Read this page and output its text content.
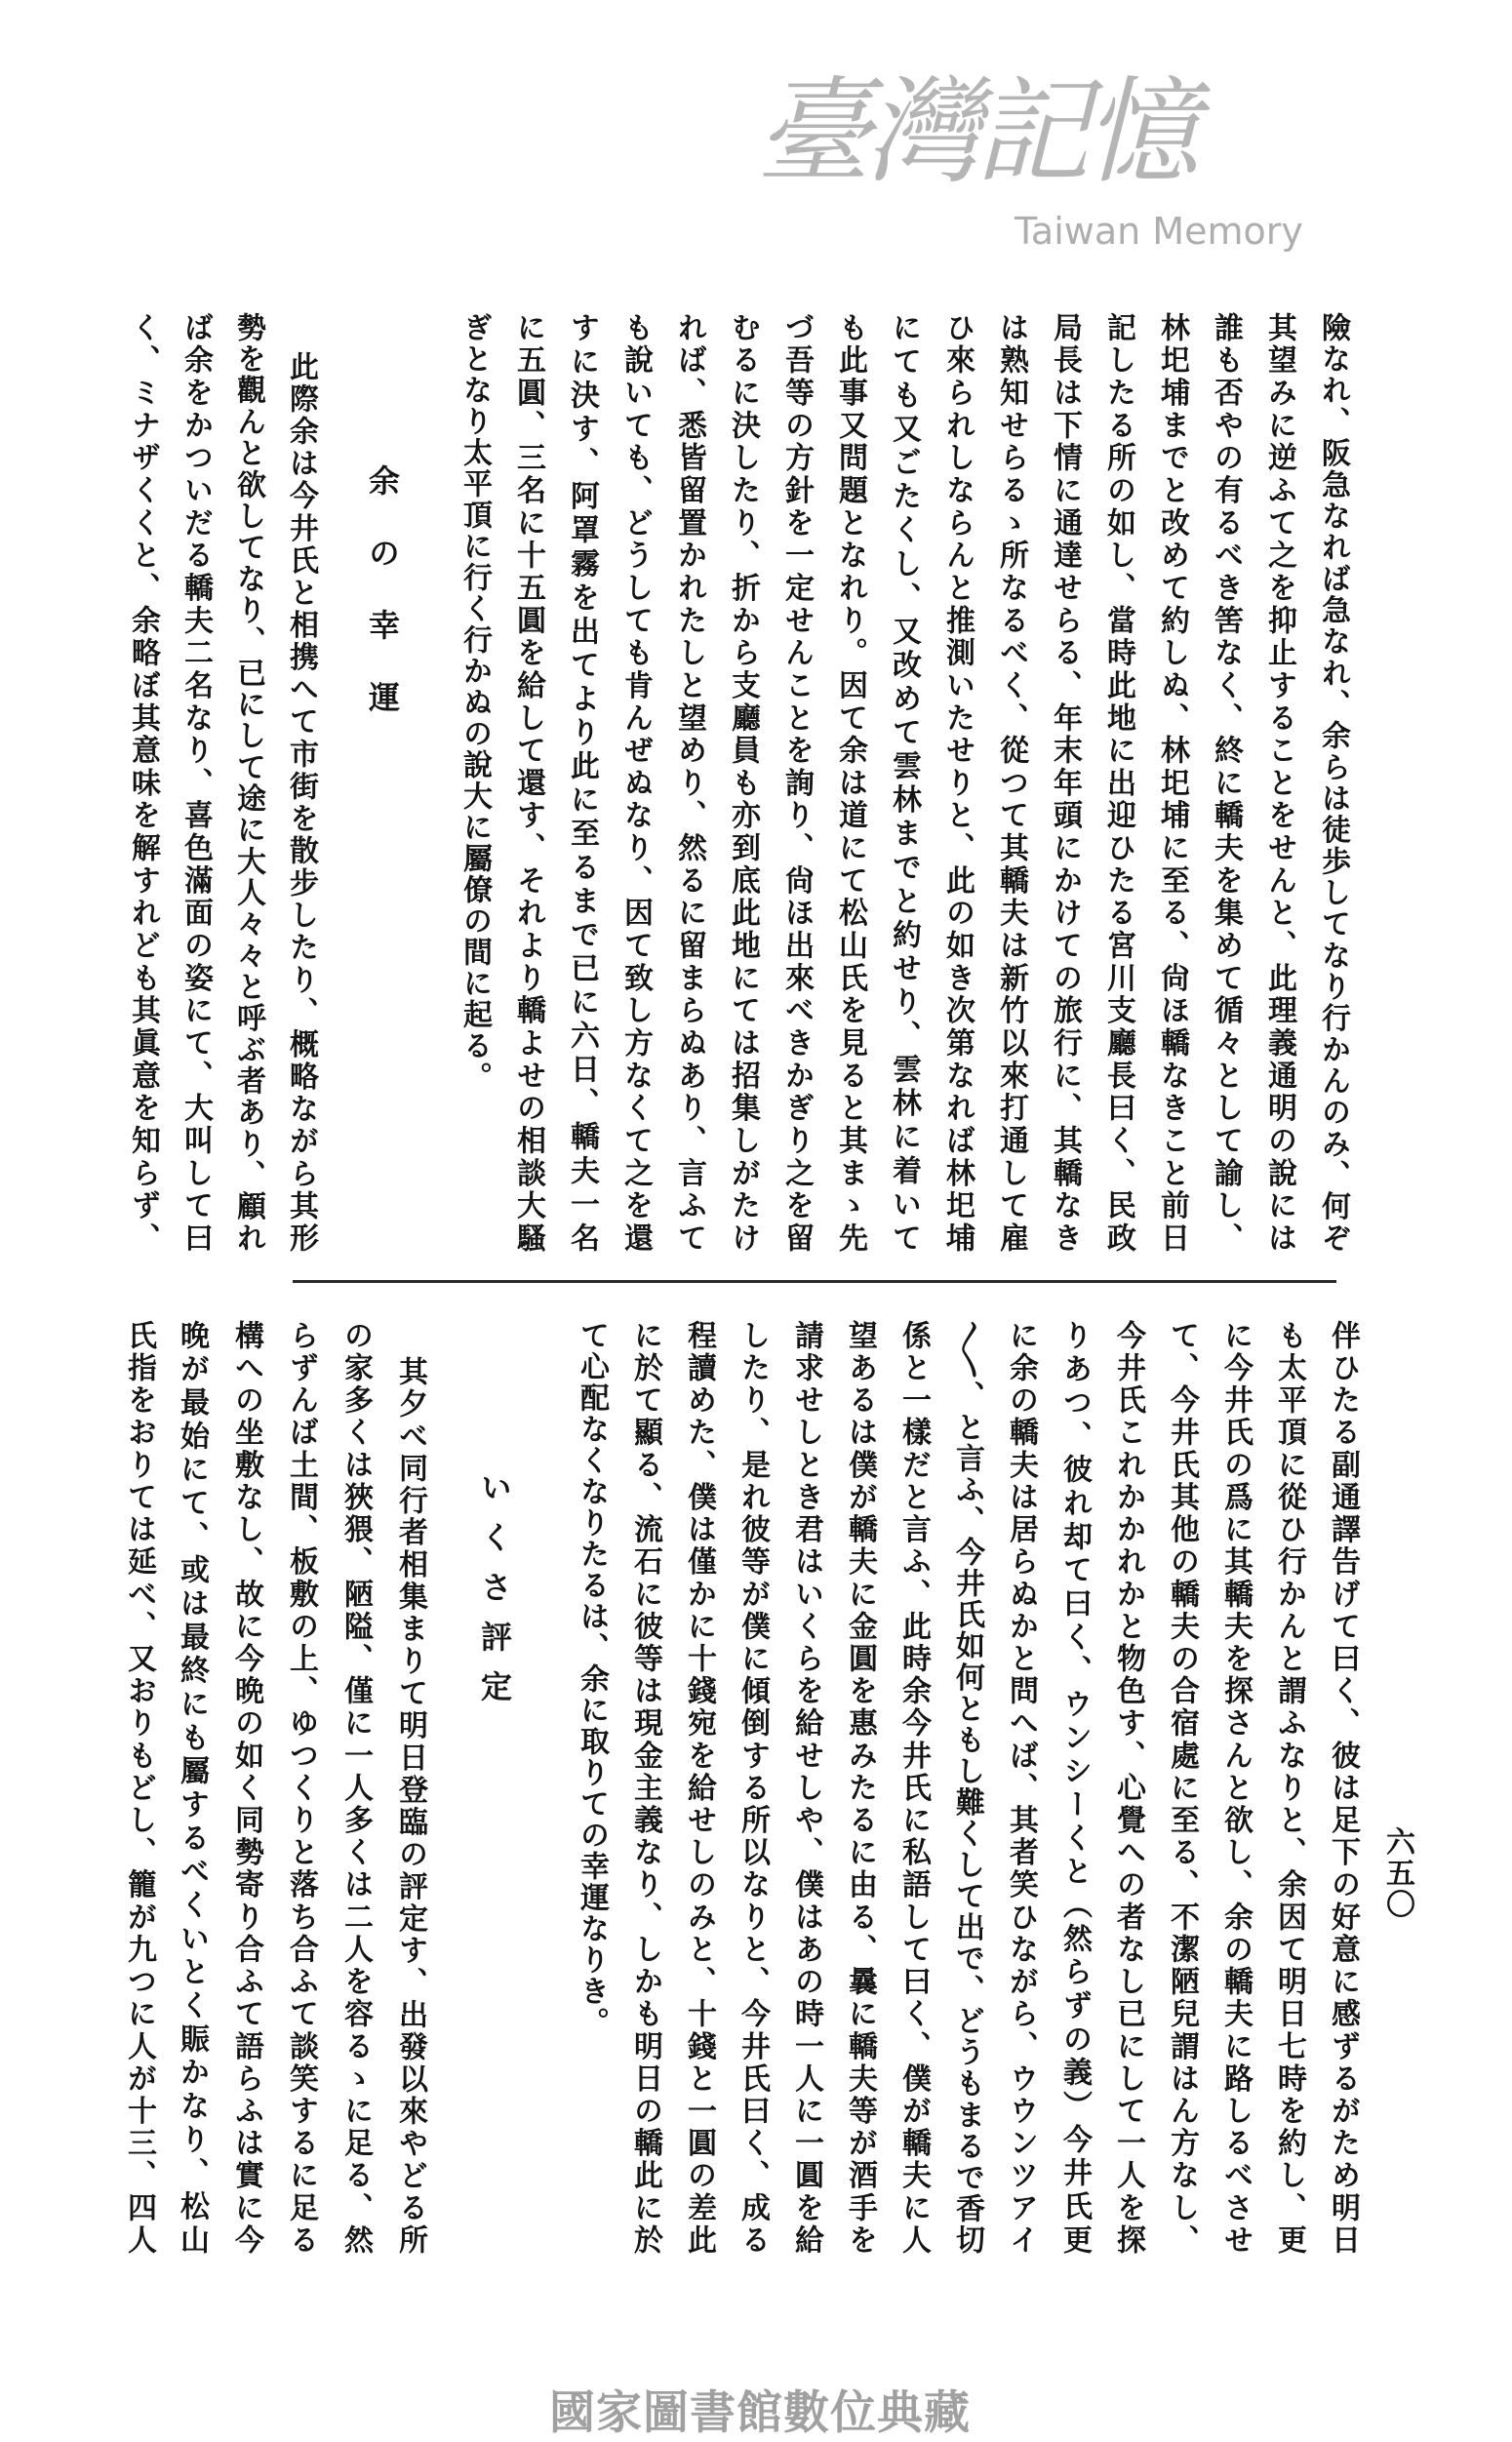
余の幸運
いくさ評定
六五〇
臺灣記憶
Taiwan Memory
國家圖書館數位典藏
險なれ、阪急なれば急なれ、余らは徒歩してなり行かんのみ、何ぞ
其望みに逆ふて之を抑止することをせんと、此理義通明の說には
誰も否やの有るべき筈なく、終に轎夫を集めて循々として諭し、
林圯埔までと改めて約しぬ、林圯埔に至る、尙ほ轎なきこと前日
記したる所の如し、當時此地に出迎ひたる宮川支廳長曰く、民政
局長は下情に通達せらる、年末年頭にかけての旅行に、其轎なき
は熟知せらるゝ所なるべく、從つて其轎夫は新竹以來打通して雇
ひ來られしならんと推測いたせりと、此の如き次第なれば林圯埔
にても又ごたくし、又改めて雲林までと約せり、雲林に着いて
も此事又問題となれり。因て余は道にて松山氏を見ると其まゝ先
づ吾等の方針を一定せんことを詢り、尙ほ出來べきかぎり之を留
むるに決したり、折から支廳員も亦到底此地にては招集しがたけ
れば、悉皆留置かれたしと望めり、然るに留まらぬあり、言ふて
も說いても、どうしても肯んぜぬなり、因て致し方なくて之を還
すに決す、阿罩霧を出てより此に至るまで已に六日、轎夫一名
に五圓、三名に十五圓を給して還す、それより轎よせの相談大騷
ぎとなり太平頂に行く行かぬの說大に屬僚の間に起る。
此際余は今井氏と相携へて市街を散步したり、概略ながら其形
勢を觀んと欲してなり、已にして途に大人々々と呼ぶ者あり、顧れ
ば余をかついだる轎夫二名なり、喜色滿面の姿にて、大叫して曰
く、ミナザくくと、余略ぼ其意味を解すれども其眞意を知らず、
伴ひたる副通譯告げて曰く、彼は足下の好意に感ずるがため明日
も太平頂に從ひ行かんと謂ふなりと、余因て明日七時を約し、更
に今井氏の爲に其轎夫を探さんと欲し、余の轎夫に路しるべさせ
て、今井氏其他の轎夫の合宿處に至る、不潔陋兒謂はん方なし、
今井氏これかかれかと物色す、心覺への者なし已にして一人を探
りあつ、彼れ却て曰く、ウンシーくと（然らずの義）今井氏更
に余の轎夫は居らぬかと問へば、其者笑ひながら、ウウンツアイ
〱、と言ふ、今井氏如何ともし難くして出で、どうもまるで香切
係と一樣だと言ふ、此時余今井氏に私語して曰く、僕が轎夫に人
望あるは僕が轎夫に金圓を惠みたるに由る、曩に轎夫等が酒手を
請求せしとき君はいくらを給せしや、僕はあの時一人に一圓を給
したり、是れ彼等が僕に傾倒する所以なりと、今井氏曰く、成る
程讀めた、僕は僅かに十錢宛を給せしのみと、十錢と一圓の差此
に於て顯る、流石に彼等は現金主義なり、しかも明日の轎此に於
て心配なくなりたるは、余に取りての幸運なりき。
其夕べ同行者相集まりて明日登臨の評定す、出發以來やどる所
の家多くは狹猥、陋隘、僅に一人多くは二人を容るゝに足る、然
らずんば土間、板敷の上、ゆつくりと落ち合ふて談笑するに足る
構への坐敷なし、故に今晩の如く同勢寄り合ふて語らふは實に今
晚が最始にて、或は最終にも屬するべくいとく賑かなり、松山
氏指をおりては延べ、又おりもどし、籠が九つに人が十三、四人
